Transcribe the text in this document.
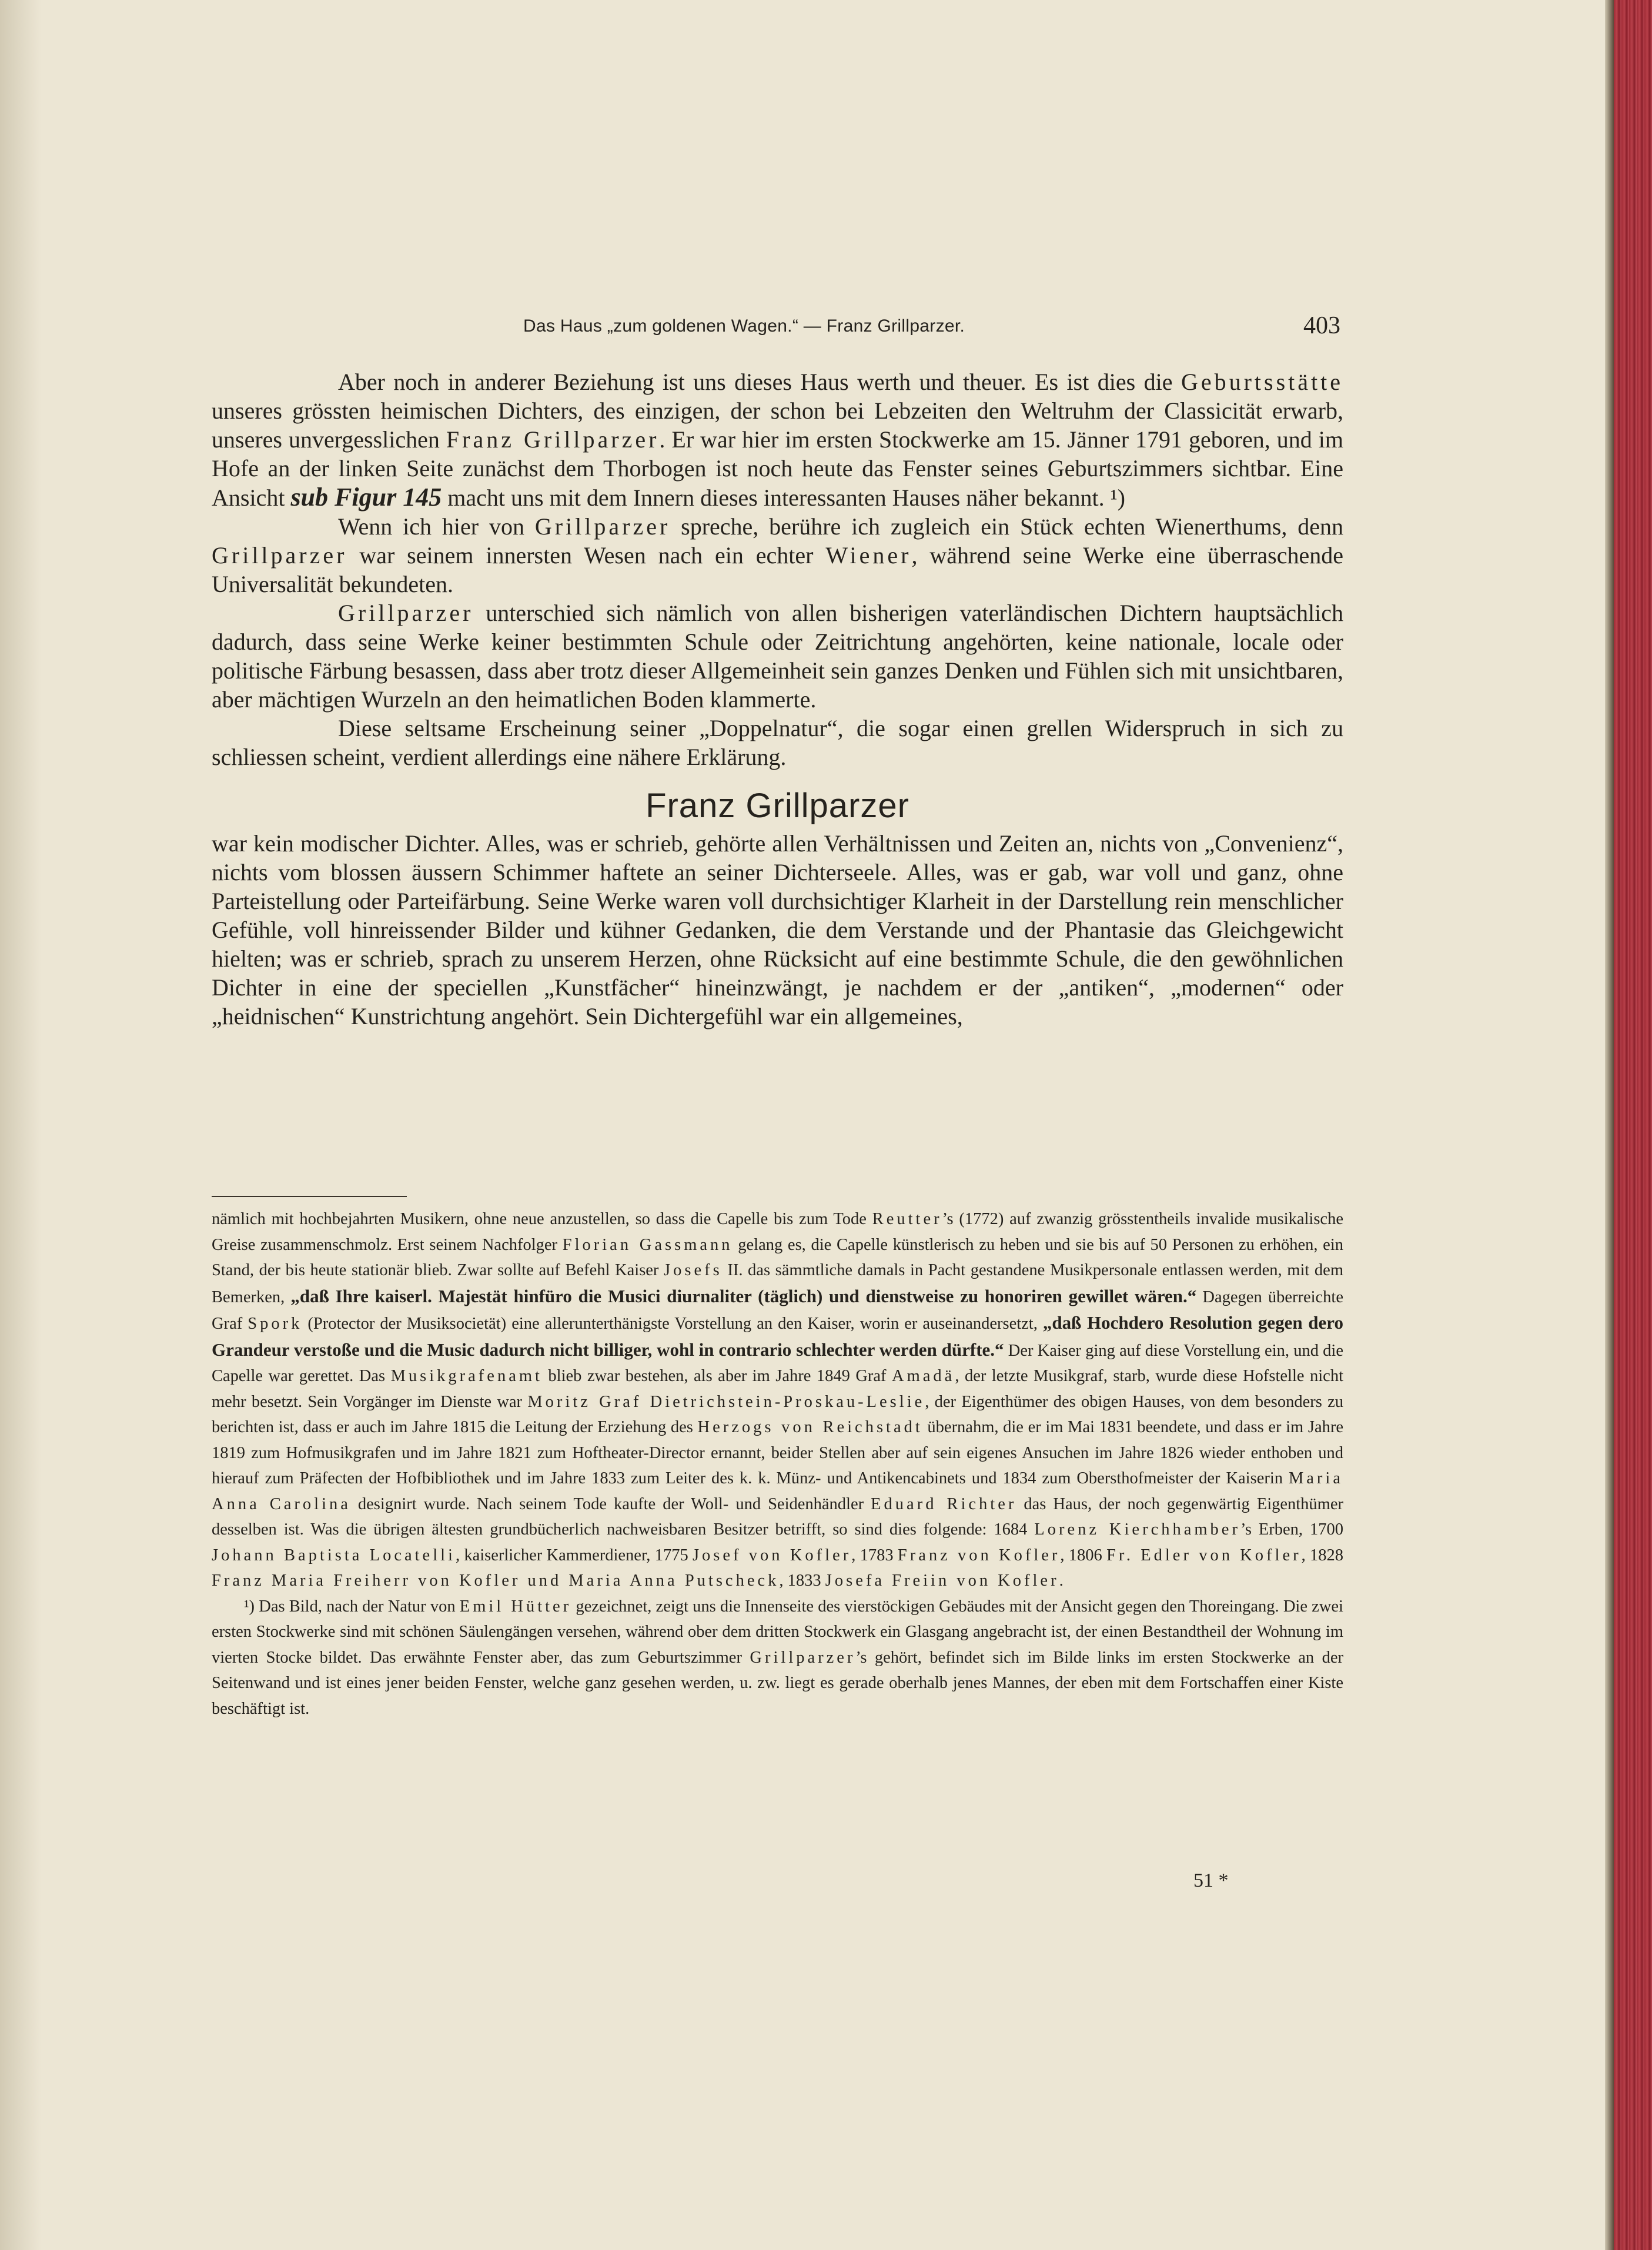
Das Haus „zum goldenen Wagen.“ — Franz Grillparzer.	403

Aber noch in anderer Beziehung ist uns dieses Haus werth und theuer. Es ist dies die Geburtsstätte unseres grössten heimischen Dichters, des einzigen, der schon bei Lebzeiten den Weltruhm der Classicität erwarb, unseres unvergesslichen Franz Grillparzer. Er war hier im ersten Stockwerke am 15. Jänner 1791 geboren, und im Hofe an der linken Seite zunächst dem Thorbogen ist noch heute das Fenster seines Geburtszimmers sichtbar. Eine Ansicht sub Figur 145 macht uns mit dem Innern dieses interessanten Hauses näher bekannt. ¹)

Wenn ich hier von Grillparzer spreche, berühre ich zugleich ein Stück echten Wienerthums, denn Grillparzer war seinem innersten Wesen nach ein echter Wiener, während seine Werke eine überraschende Universalität bekundeten.

Grillparzer unterschied sich nämlich von allen bisherigen vaterländischen Dichtern hauptsächlich dadurch, dass seine Werke keiner bestimmten Schule oder Zeitrichtung angehörten, keine nationale, locale oder politische Färbung besassen, dass aber trotz dieser Allgemeinheit sein ganzes Denken und Fühlen sich mit unsichtbaren, aber mächtigen Wurzeln an den heimatlichen Boden klammerte.

Diese seltsame Erscheinung seiner „Doppelnatur“, die sogar einen grellen Widerspruch in sich zu schliessen scheint, verdient allerdings eine nähere Erklärung.

Franz Grillparzer

war kein modischer Dichter. Alles, was er schrieb, gehörte allen Verhältnissen und Zeiten an, nichts von „Convenienz“, nichts vom blossen äussern Schimmer haftete an seiner Dichterseele. Alles, was er gab, war voll und ganz, ohne Parteistellung oder Parteifärbung. Seine Werke waren voll durchsichtiger Klarheit in der Darstellung rein menschlicher Gefühle, voll hinreissender Bilder und kühner Gedanken, die dem Verstande und der Phantasie das Gleichgewicht hielten; was er schrieb, sprach zu unserem Herzen, ohne Rücksicht auf eine bestimmte Schule, die den gewöhnlichen Dichter in eine der speciellen „Kunstfächer“ hineinzwängt, je nachdem er der „antiken“, „modernen“ oder „heidnischen“ Kunstrichtung angehört. Sein Dichtergefühl war ein allgemeines,

nämlich mit hochbejahrten Musikern, ohne neue anzustellen, so dass die Capelle bis zum Tode Reutter’s (1772) auf zwanzig grösstentheils invalide musikalische Greise zusammenschmolz. Erst seinem Nachfolger Florian Gassmann gelang es, die Capelle künstlerisch zu heben und sie bis auf 50 Personen zu erhöhen, ein Stand, der bis heute stationär blieb. Zwar sollte auf Befehl Kaiser Josefs II. das sämmtliche damals in Pacht gestandene Musikpersonale entlassen werden, mit dem Bemerken, „daß Ihre kaiserl. Majestät hinfüro die Musici diurnaliter (täglich) und dienstweise zu honoriren gewillet wären.“ Dagegen überreichte Graf Spork (Protector der Musiksocietät) eine allerunterthänigste Vorstellung an den Kaiser, worin er auseinandersetzt, „daß Hochdero Resolution gegen dero Grandeur verstoße und die Music dadurch nicht billiger, wohl in contrario schlechter werden dürfte.“ Der Kaiser ging auf diese Vorstellung ein, und die Capelle war gerettet. Das Musikgrafenamt blieb zwar bestehen, als aber im Jahre 1849 Graf Amadä, der letzte Musikgraf, starb, wurde diese Hofstelle nicht mehr besetzt. Sein Vorgänger im Dienste war Moritz Graf Dietrichstein-Proskau-Leslie, der Eigenthümer des obigen Hauses, von dem besonders zu berichten ist, dass er auch im Jahre 1815 die Leitung der Erziehung des Herzogs von Reichstadt übernahm, die er im Mai 1831 beendete, und dass er im Jahre 1819 zum Hofmusikgrafen und im Jahre 1821 zum Hoftheater-Director ernannt, beider Stellen aber auf sein eigenes Ansuchen im Jahre 1826 wieder enthoben und hierauf zum Präfecten der Hofbibliothek und im Jahre 1833 zum Leiter des k. k. Münz- und Antikencabinets und 1834 zum Obersthofmeister der Kaiserin Maria Anna Carolina designirt wurde. Nach seinem Tode kaufte der Woll- und Seidenhändler Eduard Richter das Haus, der noch gegenwärtig Eigenthümer desselben ist. Was die übrigen ältesten grundbücherlich nachweisbaren Besitzer betrifft, so sind dies folgende: 1684 Lorenz Kierchhamber’s Erben, 1700 Johann Baptista Locatelli, kaiserlicher Kammerdiener, 1775 Josef von Kofler, 1783 Franz von Kofler, 1806 Fr. Edler von Kofler, 1828 Franz Maria Freiherr von Kofler und Maria Anna Putscheck, 1833 Josefa Freiin von Kofler.

¹) Das Bild, nach der Natur von Emil Hütter gezeichnet, zeigt uns die Innenseite des vierstöckigen Gebäudes mit der Ansicht gegen den Thoreingang. Die zwei ersten Stockwerke sind mit schönen Säulengängen versehen, während ober dem dritten Stockwerk ein Glasgang angebracht ist, der einen Bestandtheil der Wohnung im vierten Stocke bildet. Das erwähnte Fenster aber, das zum Geburtszimmer Grillparzer’s gehört, befindet sich im Bilde links im ersten Stockwerke an der Seitenwand und ist eines jener beiden Fenster, welche ganz gesehen werden, u. zw. liegt es gerade oberhalb jenes Mannes, der eben mit dem Fortschaffen einer Kiste beschäftigt ist.

51 *
